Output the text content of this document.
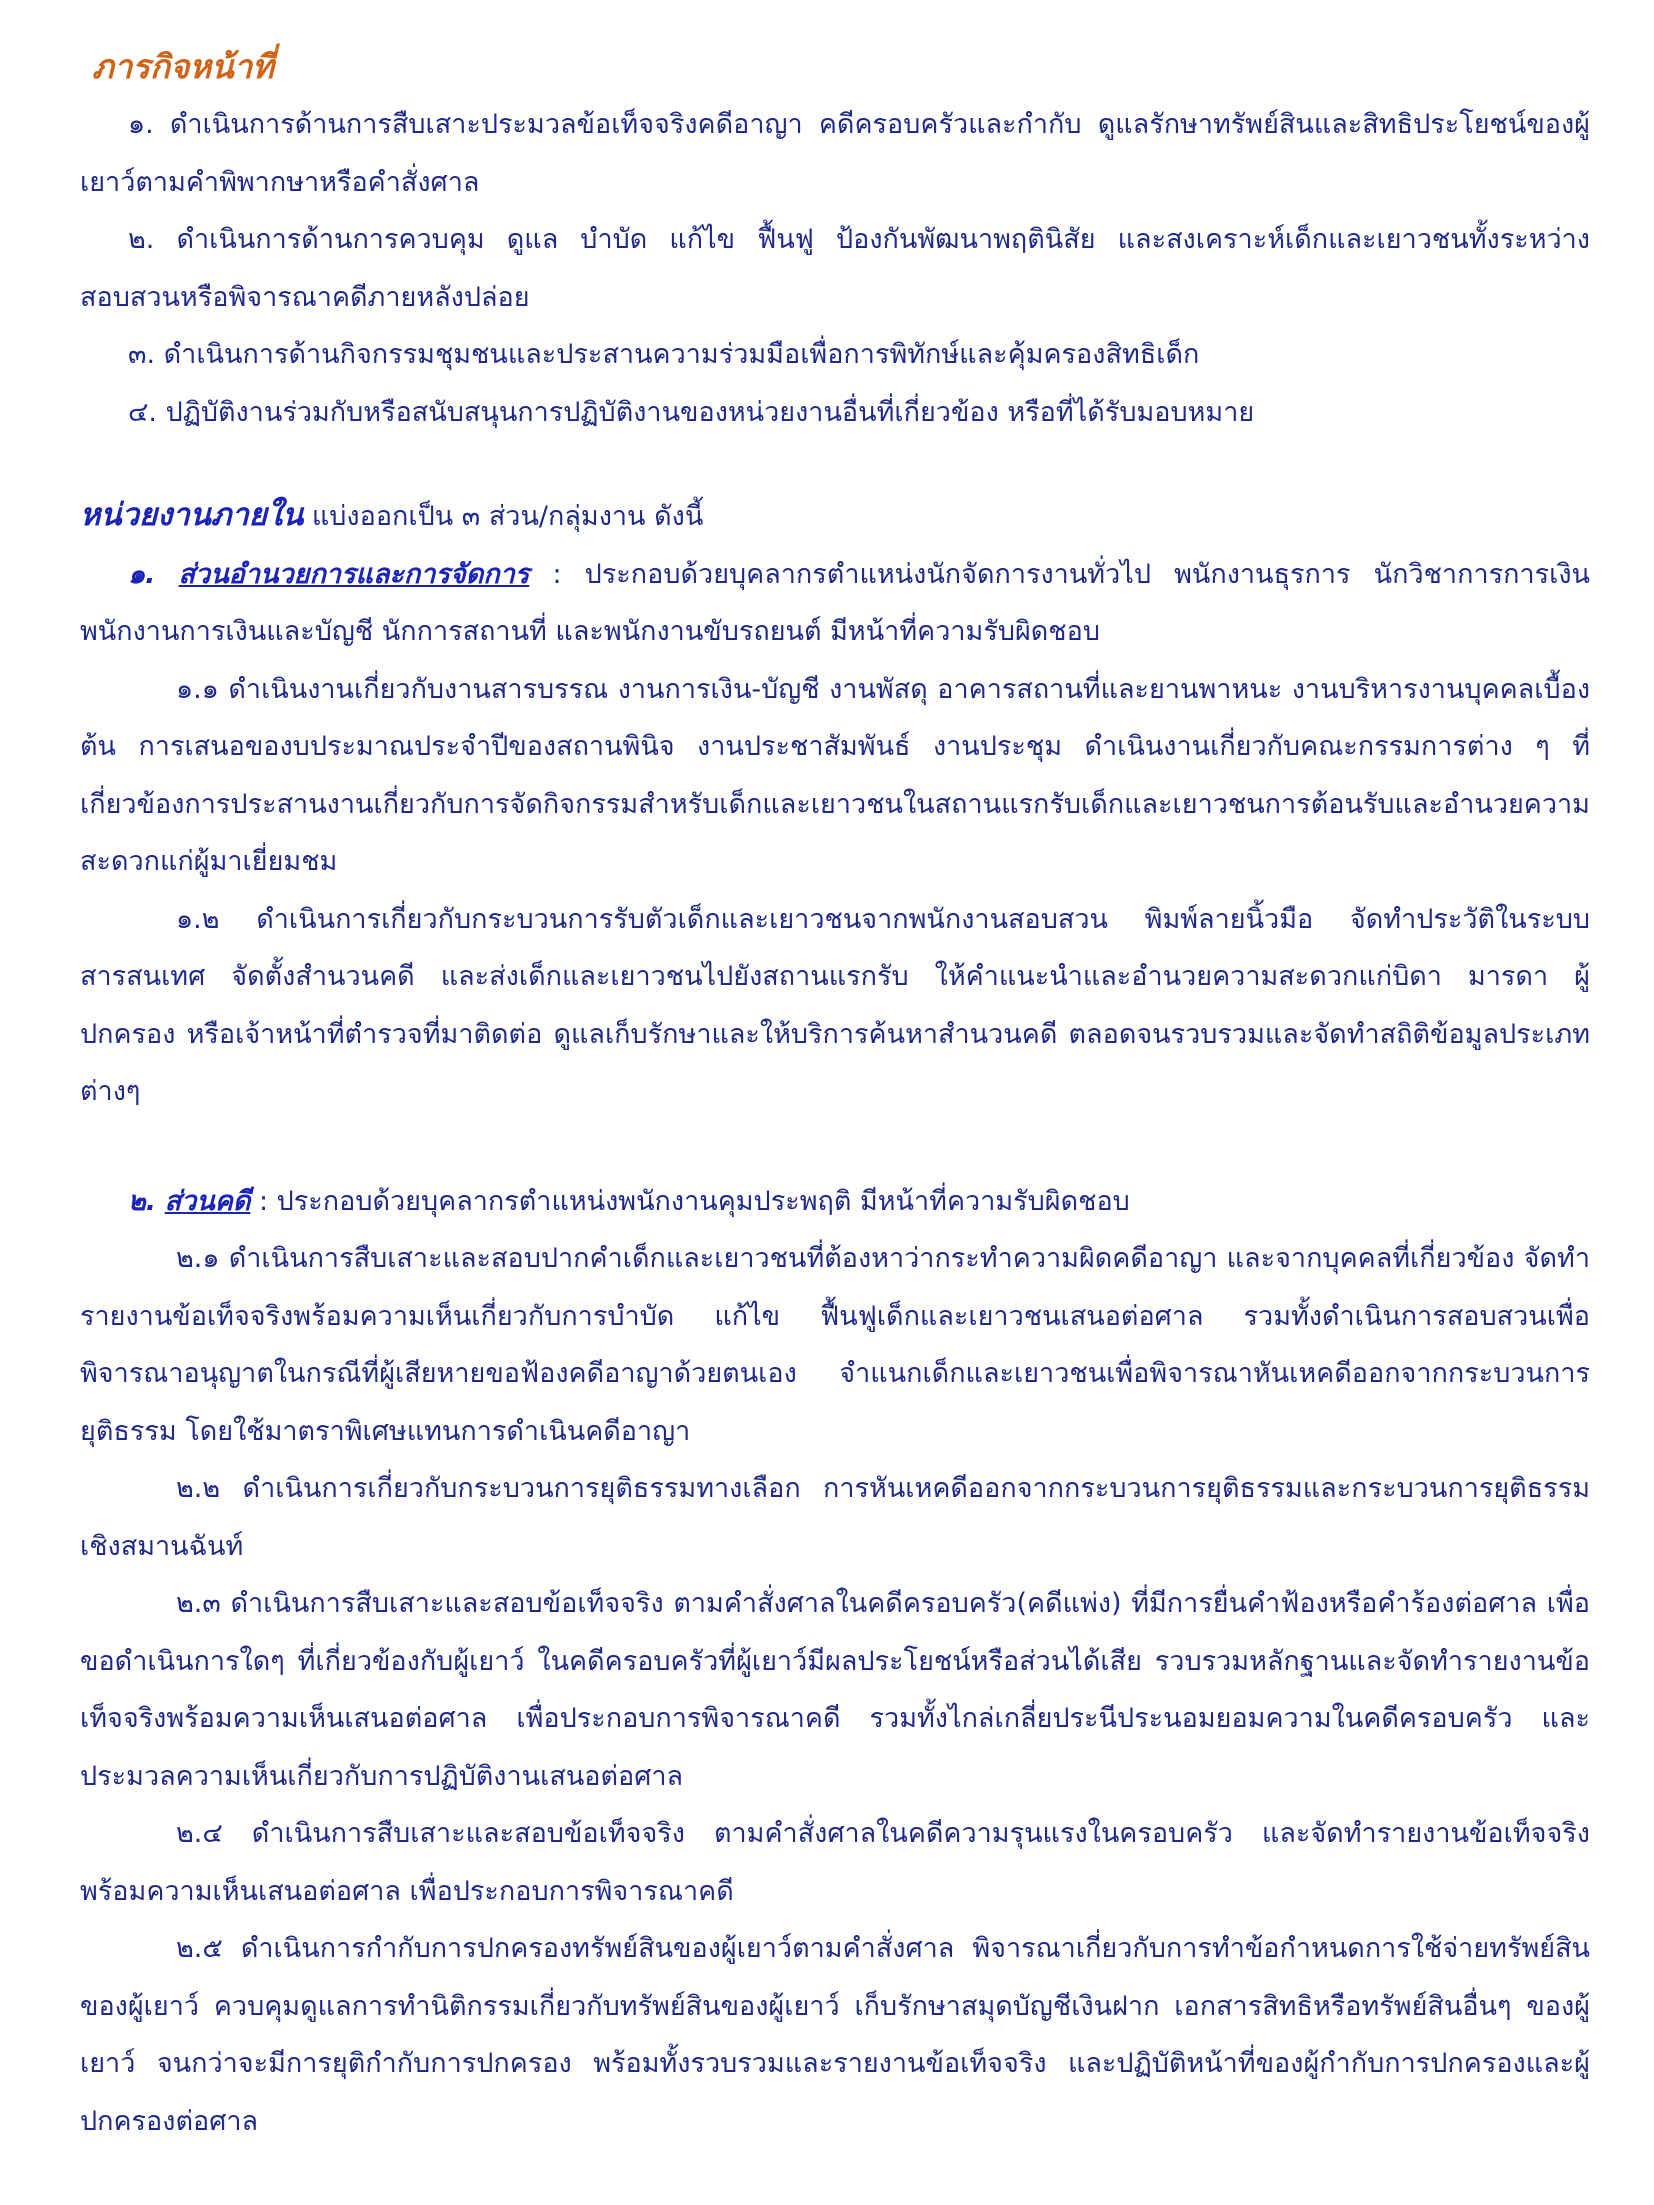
ภารกิจหน้าที่

๑. ดำเนินการด้านการสืบเสาะประมวลข้อเท็จจริงคดีอาญา คดีครอบครัวและกำกับ ดูแลรักษาทรัพย์สินและสิทธิประโยชน์ของผู้เยาว์ตามคำพิพากษาหรือคำสั่งศาล

๒. ดำเนินการด้านการควบคุม ดูแล บำบัด แก้ไข ฟื้นฟู ป้องกันพัฒนาพฤตินิสัย และสงเคราะห์เด็กและเยาวชนทั้งระหว่างสอบสวนหรือพิจารณาคดีภายหลังปล่อย

๓. ดำเนินการด้านกิจกรรมชุมชนและประสานความร่วมมือเพื่อการพิทักษ์และคุ้มครองสิทธิเด็ก

๔. ปฏิบัติงานร่วมกับหรือสนับสนุนการปฏิบัติงานของหน่วยงานอื่นที่เกี่ยวข้อง หรือที่ได้รับมอบหมาย

หน่วยงานภายใน แบ่งออกเป็น ๓ ส่วน/กลุ่มงาน ดังนี้

๑. ส่วนอำนวยการและการจัดการ : ประกอบด้วยบุคลากรตำแหน่งนักจัดการงานทั่วไป พนักงานธุรการ นักวิชาการการเงิน พนักงานการเงินและบัญชี นักการสถานที่ และพนักงานขับรถยนต์ มีหน้าที่ความรับผิดชอบ

๑.๑ ดำเนินงานเกี่ยวกับงานสารบรรณ งานการเงิน-บัญชี งานพัสดุ อาคารสถานที่และยานพาหนะ งานบริหารงานบุคคลเบื้องต้น การเสนอของบประมาณประจำปีของสถานพินิจ งานประชาสัมพันธ์ งานประชุม ดำเนินงานเกี่ยวกับคณะกรรมการต่าง ๆ ที่เกี่ยวข้องการประสานงานเกี่ยวกับการจัดกิจกรรมสำหรับเด็กและเยาวชนในสถานแรกรับเด็กและเยาวชนการต้อนรับและอำนวยความสะดวกแก่ผู้มาเยี่ยมชม

๑.๒ ดำเนินการเกี่ยวกับกระบวนการรับตัวเด็กและเยาวชนจากพนักงานสอบสวน พิมพ์ลายนิ้วมือ จัดทำประวัติในระบบสารสนเทศ จัดตั้งสำนวนคดี และส่งเด็กและเยาวชนไปยังสถานแรกรับ ให้คำแนะนำและอำนวยความสะดวกแก่บิดา มารดา ผู้ปกครอง หรือเจ้าหน้าที่ตำรวจที่มาติดต่อ ดูแลเก็บรักษาและให้บริการค้นหาสำนวนคดี ตลอดจนรวบรวมและจัดทำสถิติข้อมูลประเภทต่างๆ

๒. ส่วนคดี : ประกอบด้วยบุคลากรตำแหน่งพนักงานคุมประพฤติ มีหน้าที่ความรับผิดชอบ

๒.๑ ดำเนินการสืบเสาะและสอบปากคำเด็กและเยาวชนที่ต้องหาว่ากระทำความผิดคดีอาญา และจากบุคคลที่เกี่ยวข้อง จัดทำรายงานข้อเท็จจริงพร้อมความเห็นเกี่ยวกับการบำบัด แก้ไข ฟื้นฟูเด็กและเยาวชนเสนอต่อศาล รวมทั้งดำเนินการสอบสวนเพื่อพิจารณาอนุญาตในกรณีที่ผู้เสียหายขอฟ้องคดีอาญาด้วยตนเอง จำแนกเด็กและเยาวชนเพื่อพิจารณาหันเหคดีออกจากกระบวนการยุติธรรม โดยใช้มาตราพิเศษแทนการดำเนินคดีอาญา

๒.๒ ดำเนินการเกี่ยวกับกระบวนการยุติธรรมทางเลือก การหันเหคดีออกจากกระบวนการยุติธรรมและกระบวนการยุติธรรมเชิงสมานฉันท์

๒.๓ ดำเนินการสืบเสาะและสอบข้อเท็จจริง ตามคำสั่งศาลในคดีครอบครัว(คดีแพ่ง) ที่มีการยื่นคำฟ้องหรือคำร้องต่อศาล เพื่อขอดำเนินการใดๆ ที่เกี่ยวข้องกับผู้เยาว์ ในคดีครอบครัวที่ผู้เยาว์มีผลประโยชน์หรือส่วนได้เสีย รวบรวมหลักฐานและจัดทำรายงานข้อเท็จจริงพร้อมความเห็นเสนอต่อศาล เพื่อประกอบการพิจารณาคดี รวมทั้งไกล่เกลี่ยประนีประนอมยอมความในคดีครอบครัว และประมวลความเห็นเกี่ยวกับการปฏิบัติงานเสนอต่อศาล

๒.๔ ดำเนินการสืบเสาะและสอบข้อเท็จจริง ตามคำสั่งศาลในคดีความรุนแรงในครอบครัว และจัดทำรายงานข้อเท็จจริงพร้อมความเห็นเสนอต่อศาล เพื่อประกอบการพิจารณาคดี

๒.๕ ดำเนินการกำกับการปกครองทรัพย์สินของผู้เยาว์ตามคำสั่งศาล พิจารณาเกี่ยวกับการทำข้อกำหนดการใช้จ่ายทรัพย์สินของผู้เยาว์ ควบคุมดูแลการทำนิติกรรมเกี่ยวกับทรัพย์สินของผู้เยาว์ เก็บรักษาสมุดบัญชีเงินฝาก เอกสารสิทธิหรือทรัพย์สินอื่นๆ ของผู้เยาว์ จนกว่าจะมีการยุติกำกับการปกครอง พร้อมทั้งรวบรวมและรายงานข้อเท็จจริง และปฏิบัติหน้าที่ของผู้กำกับการปกครองและผู้ปกครองต่อศาล
